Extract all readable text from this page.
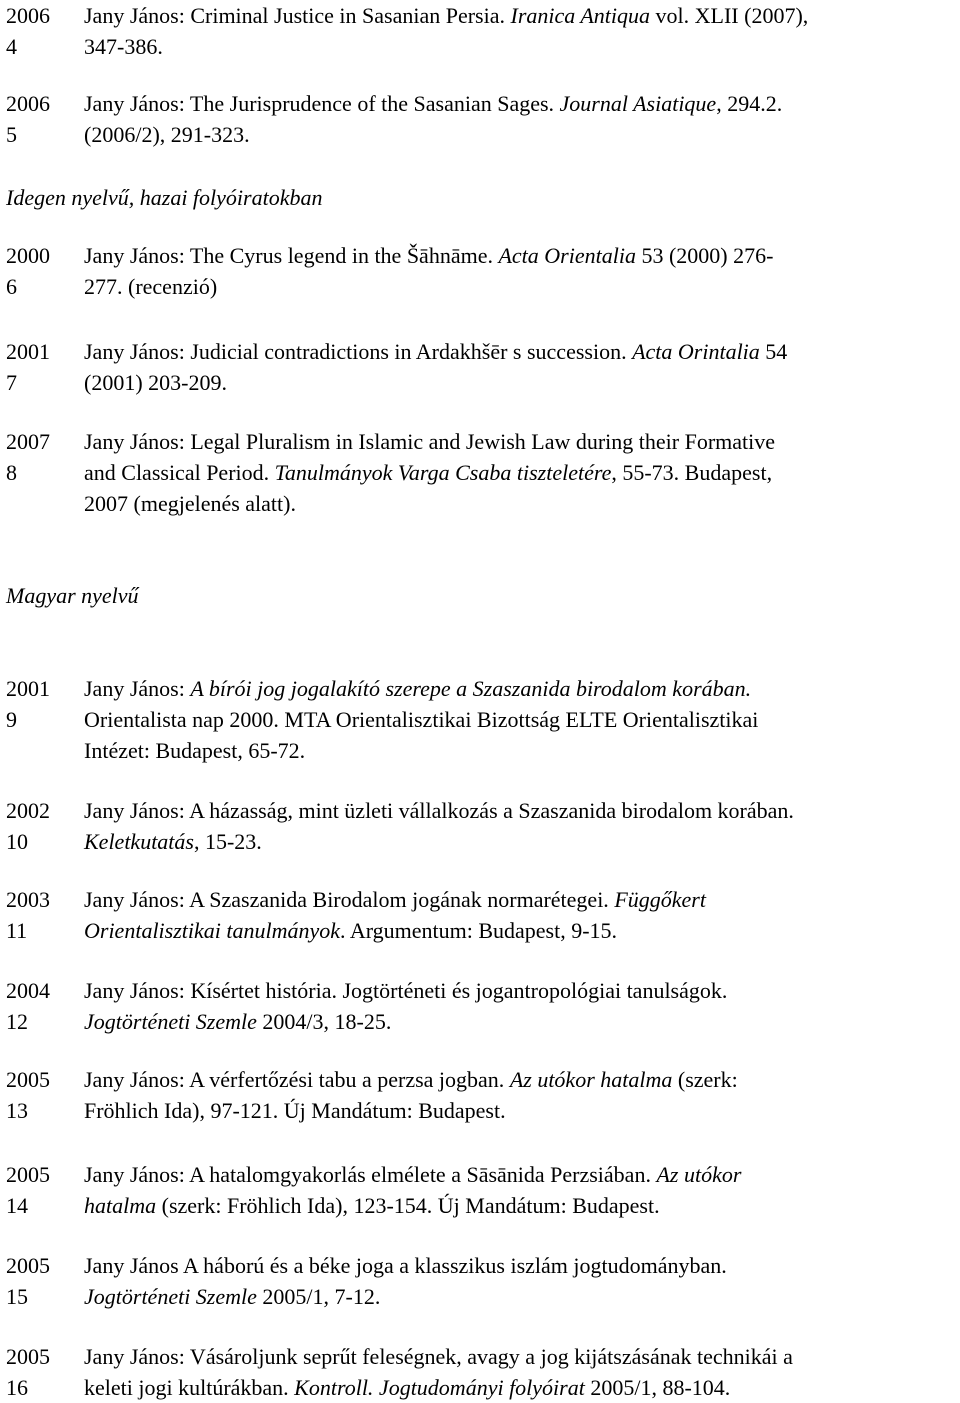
2006
4
Jany János: Criminal Justice in Sasanian Persia. Iranica Antiqua vol. XLII (2007),
347-386.
2006
5
Jany János: The Jurisprudence of the Sasanian Sages. Journal Asiatique, 294.2.
(2006/2), 291-323.
Idegen nyelvű, hazai folyóiratokban
2000
6
Jany János: The Cyrus legend in the Šāhnāme. Acta Orientalia 53 (2000) 276-
277. (recenzió)
2001
7
Jany János: Judicial contradictions in Ardakhšēr s succession. Acta Orintalia 54
(2001) 203-209.
2007
8
Jany János: Legal Pluralism in Islamic and Jewish Law during their Formative
and Classical Period. Tanulmányok Varga Csaba tiszteletére, 55-73. Budapest,
2007 (megjelenés alatt).
Magyar nyelvű
2001
9
Jany János: A bírói jog jogalakító szerepe a Szaszanida birodalom korában.
Orientalista nap 2000. MTA Orientalisztikai Bizottság ELTE Orientalisztikai
Intézet: Budapest, 65-72.
2002
10
Jany János: A házasság, mint üzleti vállalkozás a Szaszanida birodalom korában.
Keletkutatás, 15-23.
2003
11
Jany János: A Szaszanida Birodalom jogának normarétegei. Függőkert
Orientalisztikai tanulmányok. Argumentum: Budapest, 9-15.
2004
12
Jany János: Kísértet história. Jogtörténeti és jogantropológiai tanulságok.
Jogtörténeti Szemle 2004/3, 18-25.
2005
13
Jany János: A vérfertőzési tabu a perzsa jogban. Az utókor hatalma (szerk:
Fröhlich Ida), 97-121. Új Mandátum: Budapest.
2005
14
Jany János: A hatalomgyakorlás elmélete a Sāsānida Perzsiában. Az utókor
hatalma (szerk: Fröhlich Ida), 123-154. Új Mandátum: Budapest.
2005
15
Jany János A háború és a béke joga a klasszikus iszlám jogtudományban.
Jogtörténeti Szemle 2005/1, 7-12.
2005
16
Jany János: Vásároljunk seprűt feleségnek, avagy a jog kijátszásának technikái a
keleti jogi kultúrákban. Kontroll. Jogtudományi folyóirat 2005/1, 88-104.
